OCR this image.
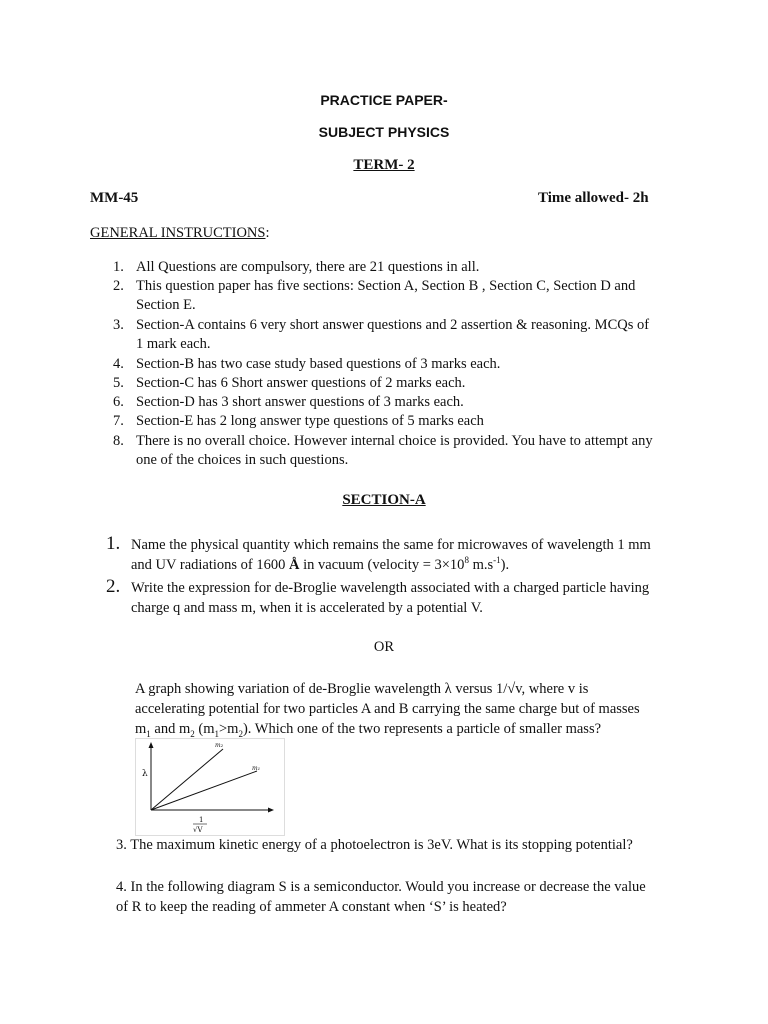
PRACTICE PAPER-
SUBJECT PHYSICS
TERM- 2
MM-45	Time allowed- 2h
GENERAL INSTRUCTIONS:
1. All Questions are compulsory, there are 21 questions in all.
2. This question paper has five sections: Section A, Section B , Section C, Section D and
Section E.
3. Section-A contains 6 very short answer questions and 2 assertion & reasoning. MCQs of
1 mark each.
4. Section-B has two case study based questions of 3 marks each.
5. Section-C has 6 Short answer questions of 2 marks each.
6. Section-D has 3 short answer questions of 3 marks each.
7. Section-E has 2 long answer type questions of 5 marks each
8. There is no overall choice. However internal choice is provided. You have to attempt any
one of the choices in such questions.
SECTION-A
1. Name the physical quantity which remains the same for microwaves of wavelength 1 mm
and UV radiations of 1600 Å in vacuum (velocity = $3\times 10^8$ $m.s^{-1}$).
2. Write the expression for de-Broglie wavelength associated with a charged particle having
charge q and mass m, when it is accelerated by a potential V.
OR
A graph showing variation of de-Broglie wavelength λ versus 1/√v, where v is
accelerating potential for two particles A and B carrying the same charge but of masses
$m_1$ and $m_2$ $(m_1>m_2)$. Which one of the two represents a particle of smaller mass?
λ
m₂
m₁
1
√V
3. The maximum kinetic energy of a photoelectron is 3eV. What is its stopping potential?
4. In the following diagram S is a semiconductor. Would you increase or decrease the value
of R to keep the reading of ammeter A constant when ‘S’ is heated?
